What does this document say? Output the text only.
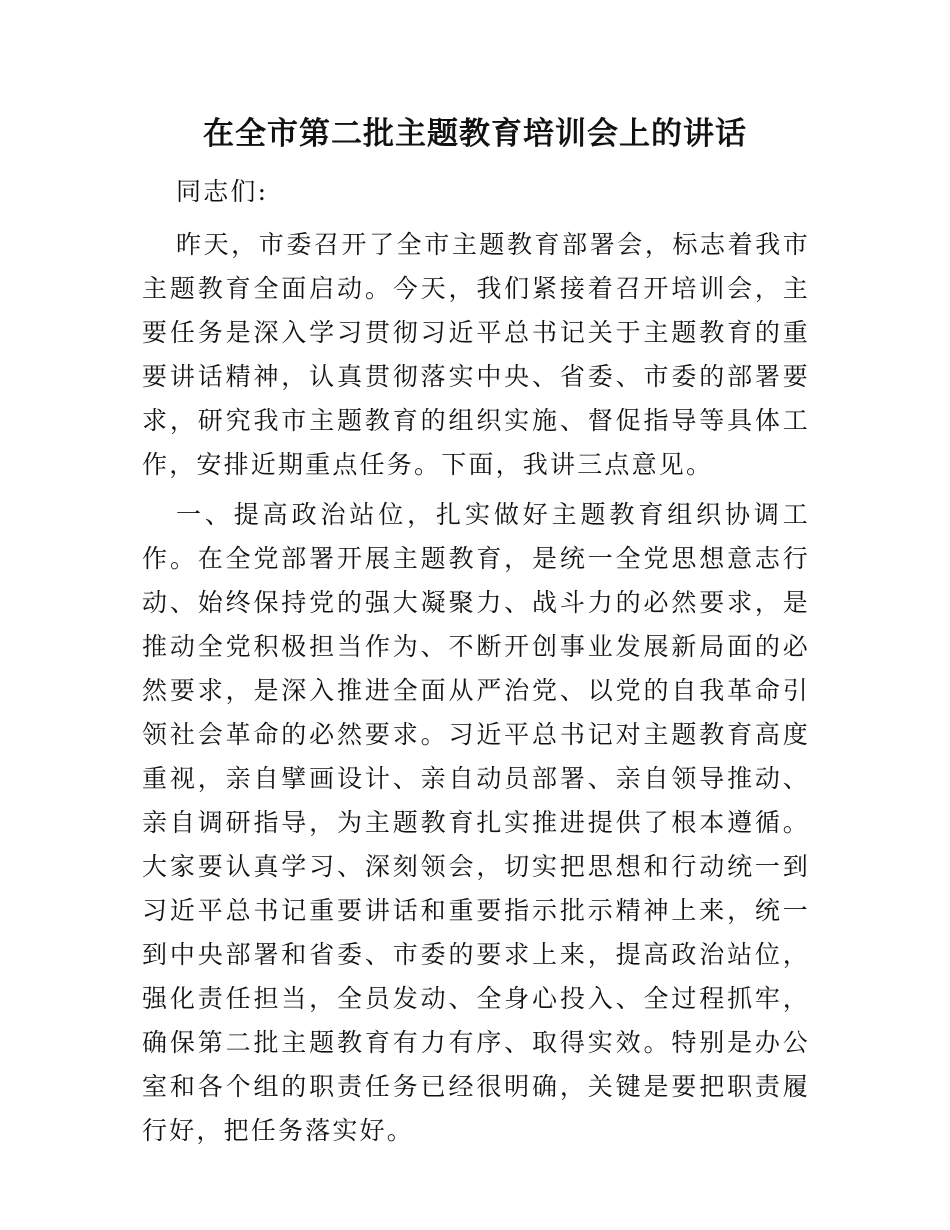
在全市第二批主题教育培训会上的讲话

同志们:

昨天，市委召开了全市主题教育部署会，标志着我市主题教育全面启动。今天，我们紧接着召开培训会，主要任务是深入学习贯彻习近平总书记关于主题教育的重要讲话精神，认真贯彻落实中央、省委、市委的部署要求，研究我市主题教育的组织实施、督促指导等具体工作，安排近期重点任务。下面，我讲三点意见。

一、提高政治站位，扎实做好主题教育组织协调工作。在全党部署开展主题教育，是统一全党思想意志行动、始终保持党的强大凝聚力、战斗力的必然要求，是推动全党积极担当作为、不断开创事业发展新局面的必然要求，是深入推进全面从严治党、以党的自我革命引领社会革命的必然要求。习近平总书记对主题教育高度重视，亲自擘画设计、亲自动员部署、亲自领导推动、亲自调研指导，为主题教育扎实推进提供了根本遵循。大家要认真学习、深刻领会，切实把思想和行动统一到习近平总书记重要讲话和重要指示批示精神上来，统一到中央部署和省委、市委的要求上来，提高政治站位，强化责任担当，全员发动、全身心投入、全过程抓牢，确保第二批主题教育有力有序、取得实效。特别是办公室和各个组的职责任务已经很明确，关键是要把职责履行好，把任务落实好。
